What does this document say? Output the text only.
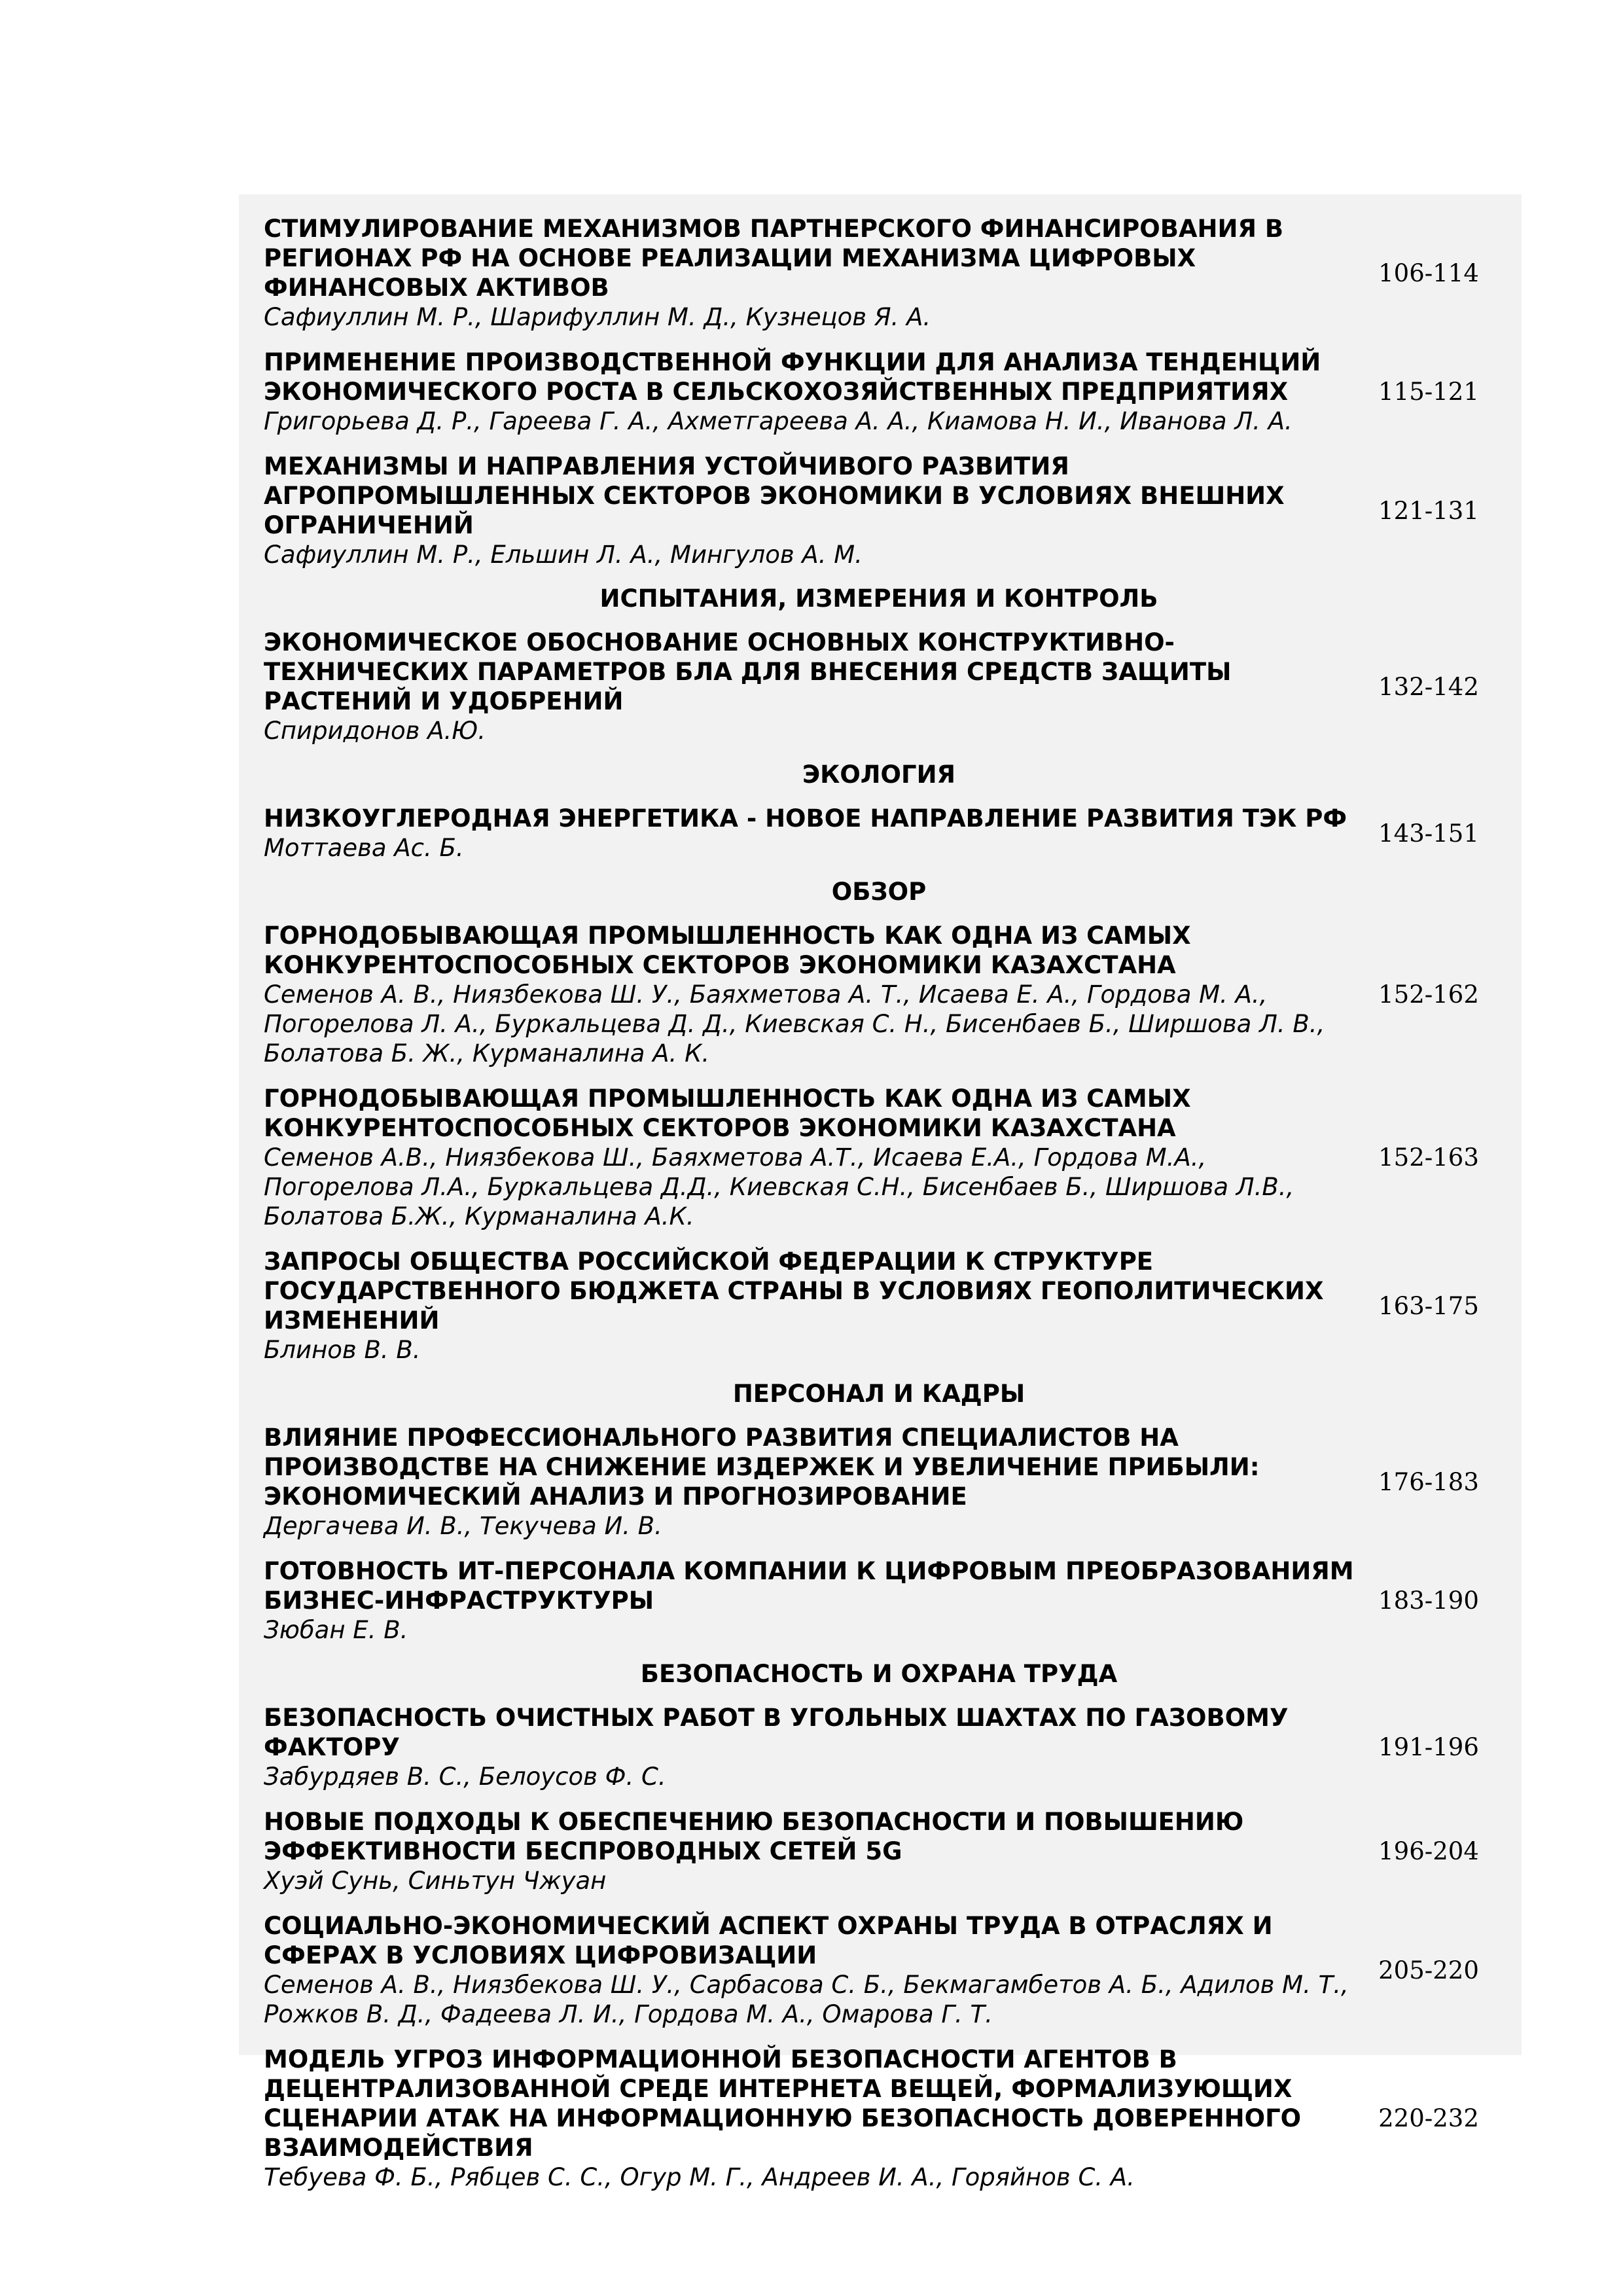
СТИМУЛИРОВАНИЕ МЕХАНИЗМОВ ПАРТНЕРСКОГО ФИНАНСИРОВАНИЯ В РЕГИОНАХ РФ НА ОСНОВЕ РЕАЛИЗАЦИИ МЕХАНИЗМА ЦИФРОВЫХ ФИНАНСОВЫХ АКТИВОВ
Сафиуллин М. Р., Шарифуллин М. Д., Кузнецов Я. А.	106-114

ПРИМЕНЕНИЕ ПРОИЗВОДСТВЕННОЙ ФУНКЦИИ ДЛЯ АНАЛИЗА ТЕНДЕНЦИЙ ЭКОНОМИЧЕСКОГО РОСТА В СЕЛЬСКОХОЗЯЙСТВЕННЫХ ПРЕДПРИЯТИЯХ
Григорьева Д. Р., Гареева Г. А., Ахметгареева А. А., Киамова Н. И., Иванова Л. А.	115-121

МЕХАНИЗМЫ И НАПРАВЛЕНИЯ УСТОЙЧИВОГО РАЗВИТИЯ АГРОПРОМЫШЛЕННЫХ СЕКТОРОВ ЭКОНОМИКИ В УСЛОВИЯХ ВНЕШНИХ ОГРАНИЧЕНИЙ
Сафиуллин М. Р., Ельшин Л. А., Мингулов А. М.	121-131
ИСПЫТАНИЯ, ИЗМЕРЕНИЯ И КОНТРОЛЬ	

ЭКОНОМИЧЕСКОЕ ОБОСНОВАНИЕ ОСНОВНЫХ КОНСТРУКТИВНО-ТЕХНИЧЕСКИХ ПАРАМЕТРОВ БЛА ДЛЯ ВНЕСЕНИЯ СРЕДСТВ ЗАЩИТЫ РАСТЕНИЙ И УДОБРЕНИЙ
Спиридонов А.Ю.	132-142
ЭКОЛОГИЯ	

НИЗКОУГЛЕРОДНАЯ ЭНЕРГЕТИКА - НОВОЕ НАПРАВЛЕНИЕ РАЗВИТИЯ ТЭК РФ
Моттаева Ас. Б.	143-151
ОБЗОР	

ГОРНОДОБЫВАЮЩАЯ ПРОМЫШЛЕННОСТЬ КАК ОДНА ИЗ САМЫХ КОНКУРЕНТОСПОСОБНЫХ СЕКТОРОВ ЭКОНОМИКИ КАЗАХСТАНА
Семенов А. В., Ниязбекова Ш. У., Баяхметова А. Т., Исаева Е. А., Гордова М. А., Погорелова Л. А., Буркальцева Д. Д., Киевская С. Н., Бисенбаев Б., Ширшова Л. В., Болатова Б. Ж., Курманалина А. К.	152-162

ГОРНОДОБЫВАЮЩАЯ ПРОМЫШЛЕННОСТЬ КАК ОДНА ИЗ САМЫХ КОНКУРЕНТОСПОСОБНЫХ СЕКТОРОВ ЭКОНОМИКИ КАЗАХСТАНА
Семенов А.В., Ниязбекова Ш., Баяхметова А.Т., Исаева Е.А., Гордова М.А., Погорелова Л.А., Буркальцева Д.Д., Киевская С.Н., Бисенбаев Б., Ширшова Л.В., Болатова Б.Ж., Курманалина А.К.	152-163

ЗАПРОСЫ ОБЩЕСТВА РОССИЙСКОЙ ФЕДЕРАЦИИ К СТРУКТУРЕ ГОСУДАРСТВЕННОГО БЮДЖЕТА СТРАНЫ В УСЛОВИЯХ ГЕОПОЛИТИЧЕСКИХ ИЗМЕНЕНИЙ
Блинов В. В.	163-175
ПЕРСОНАЛ И КАДРЫ	

ВЛИЯНИЕ ПРОФЕССИОНАЛЬНОГО РАЗВИТИЯ СПЕЦИАЛИСТОВ НА ПРОИЗВОДСТВЕ НА СНИЖЕНИЕ ИЗДЕРЖЕК И УВЕЛИЧЕНИЕ ПРИБЫЛИ: ЭКОНОМИЧЕСКИЙ АНАЛИЗ И ПРОГНОЗИРОВАНИЕ
Дергачева И. В., Текучева И. В.	176-183

ГОТОВНОСТЬ ИТ-ПЕРСОНАЛА КОМПАНИИ К ЦИФРОВЫМ ПРЕОБРАЗОВАНИЯМ БИЗНЕС-ИНФРАСТРУКТУРЫ
Зюбан Е. В.	183-190
БЕЗОПАСНОСТЬ И ОХРАНА ТРУДА	

БЕЗОПАСНОСТЬ ОЧИСТНЫХ РАБОТ В УГОЛЬНЫХ ШАХТАХ ПО ГАЗОВОМУ ФАКТОРУ
Забурдяев В. С., Белоусов Ф. С.	191-196

НОВЫЕ ПОДХОДЫ К ОБЕСПЕЧЕНИЮ БЕЗОПАСНОСТИ И ПОВЫШЕНИЮ ЭФФЕКТИВНОСТИ БЕСПРОВОДНЫХ СЕТЕЙ 5G
Хуэй Сунь, Синьтун Чжуан	196-204

СОЦИАЛЬНО-ЭКОНОМИЧЕСКИЙ АСПЕКТ ОХРАНЫ ТРУДА В ОТРАСЛЯХ И СФЕРАХ В УСЛОВИЯХ ЦИФРОВИЗАЦИИ
Семенов А. В., Ниязбекова Ш. У., Сарбасова С. Б., Бекмагамбетов А. Б., Адилов М. Т., Рожков В. Д., Фадеева Л. И., Гордова М. А., Омарова Г. Т.	205-220

МОДЕЛЬ УГРОЗ ИНФОРМАЦИОННОЙ БЕЗОПАСНОСТИ АГЕНТОВ В ДЕЦЕНТРАЛИЗОВАННОЙ СРЕДЕ ИНТЕРНЕТА ВЕЩЕЙ, ФОРМАЛИЗУЮЩИХ СЦЕНАРИИ АТАК НА ИНФОРМАЦИОННУЮ БЕЗОПАСНОСТЬ ДОВЕРЕННОГО ВЗАИМОДЕЙСТВИЯ
Тебуева Ф. Б., Рябцев С. С., Огур М. Г., Андреев И. А., Горяйнов С. А.	220-232
